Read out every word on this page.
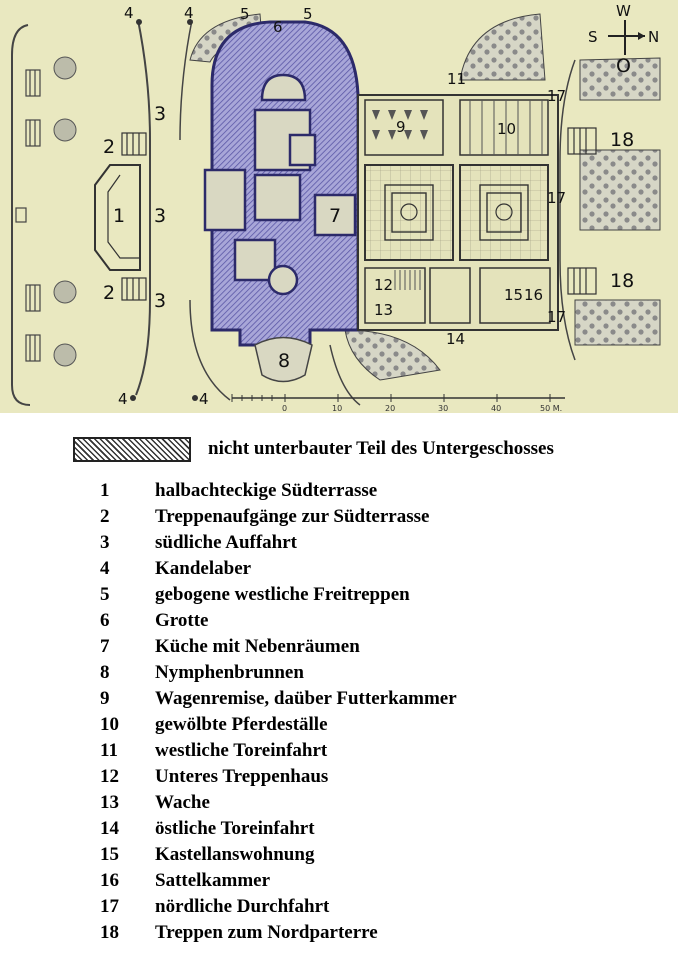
0	10	20	30	40	50 M.
W
S	N
O
1
2
2
3
3
3
4	4
4	4
5	5
6
7
8
9	10
11
12
13
14
15 16
17
17
17
18
18
nicht unterbauter Teil des Untergeschosses
1	halbachteckige Südterrasse
2	Treppenaufgänge zur Südterrasse
3	südliche Auffahrt
4	Kandelaber
5	gebogene westliche Freitreppen
6	Grotte
7	Küche mit Nebenräumen
8	Nymphenbrunnen
9	Wagenremise, daüber Futterkammer
10	gewölbte Pferdeställe
11	westliche Toreinfahrt
12	Unteres Treppenhaus
13	Wache
14	östliche Toreinfahrt
15	Kastellanswohnung
16	Sattelkammer
17	nördliche Durchfahrt
18	Treppen zum Nordparterre
